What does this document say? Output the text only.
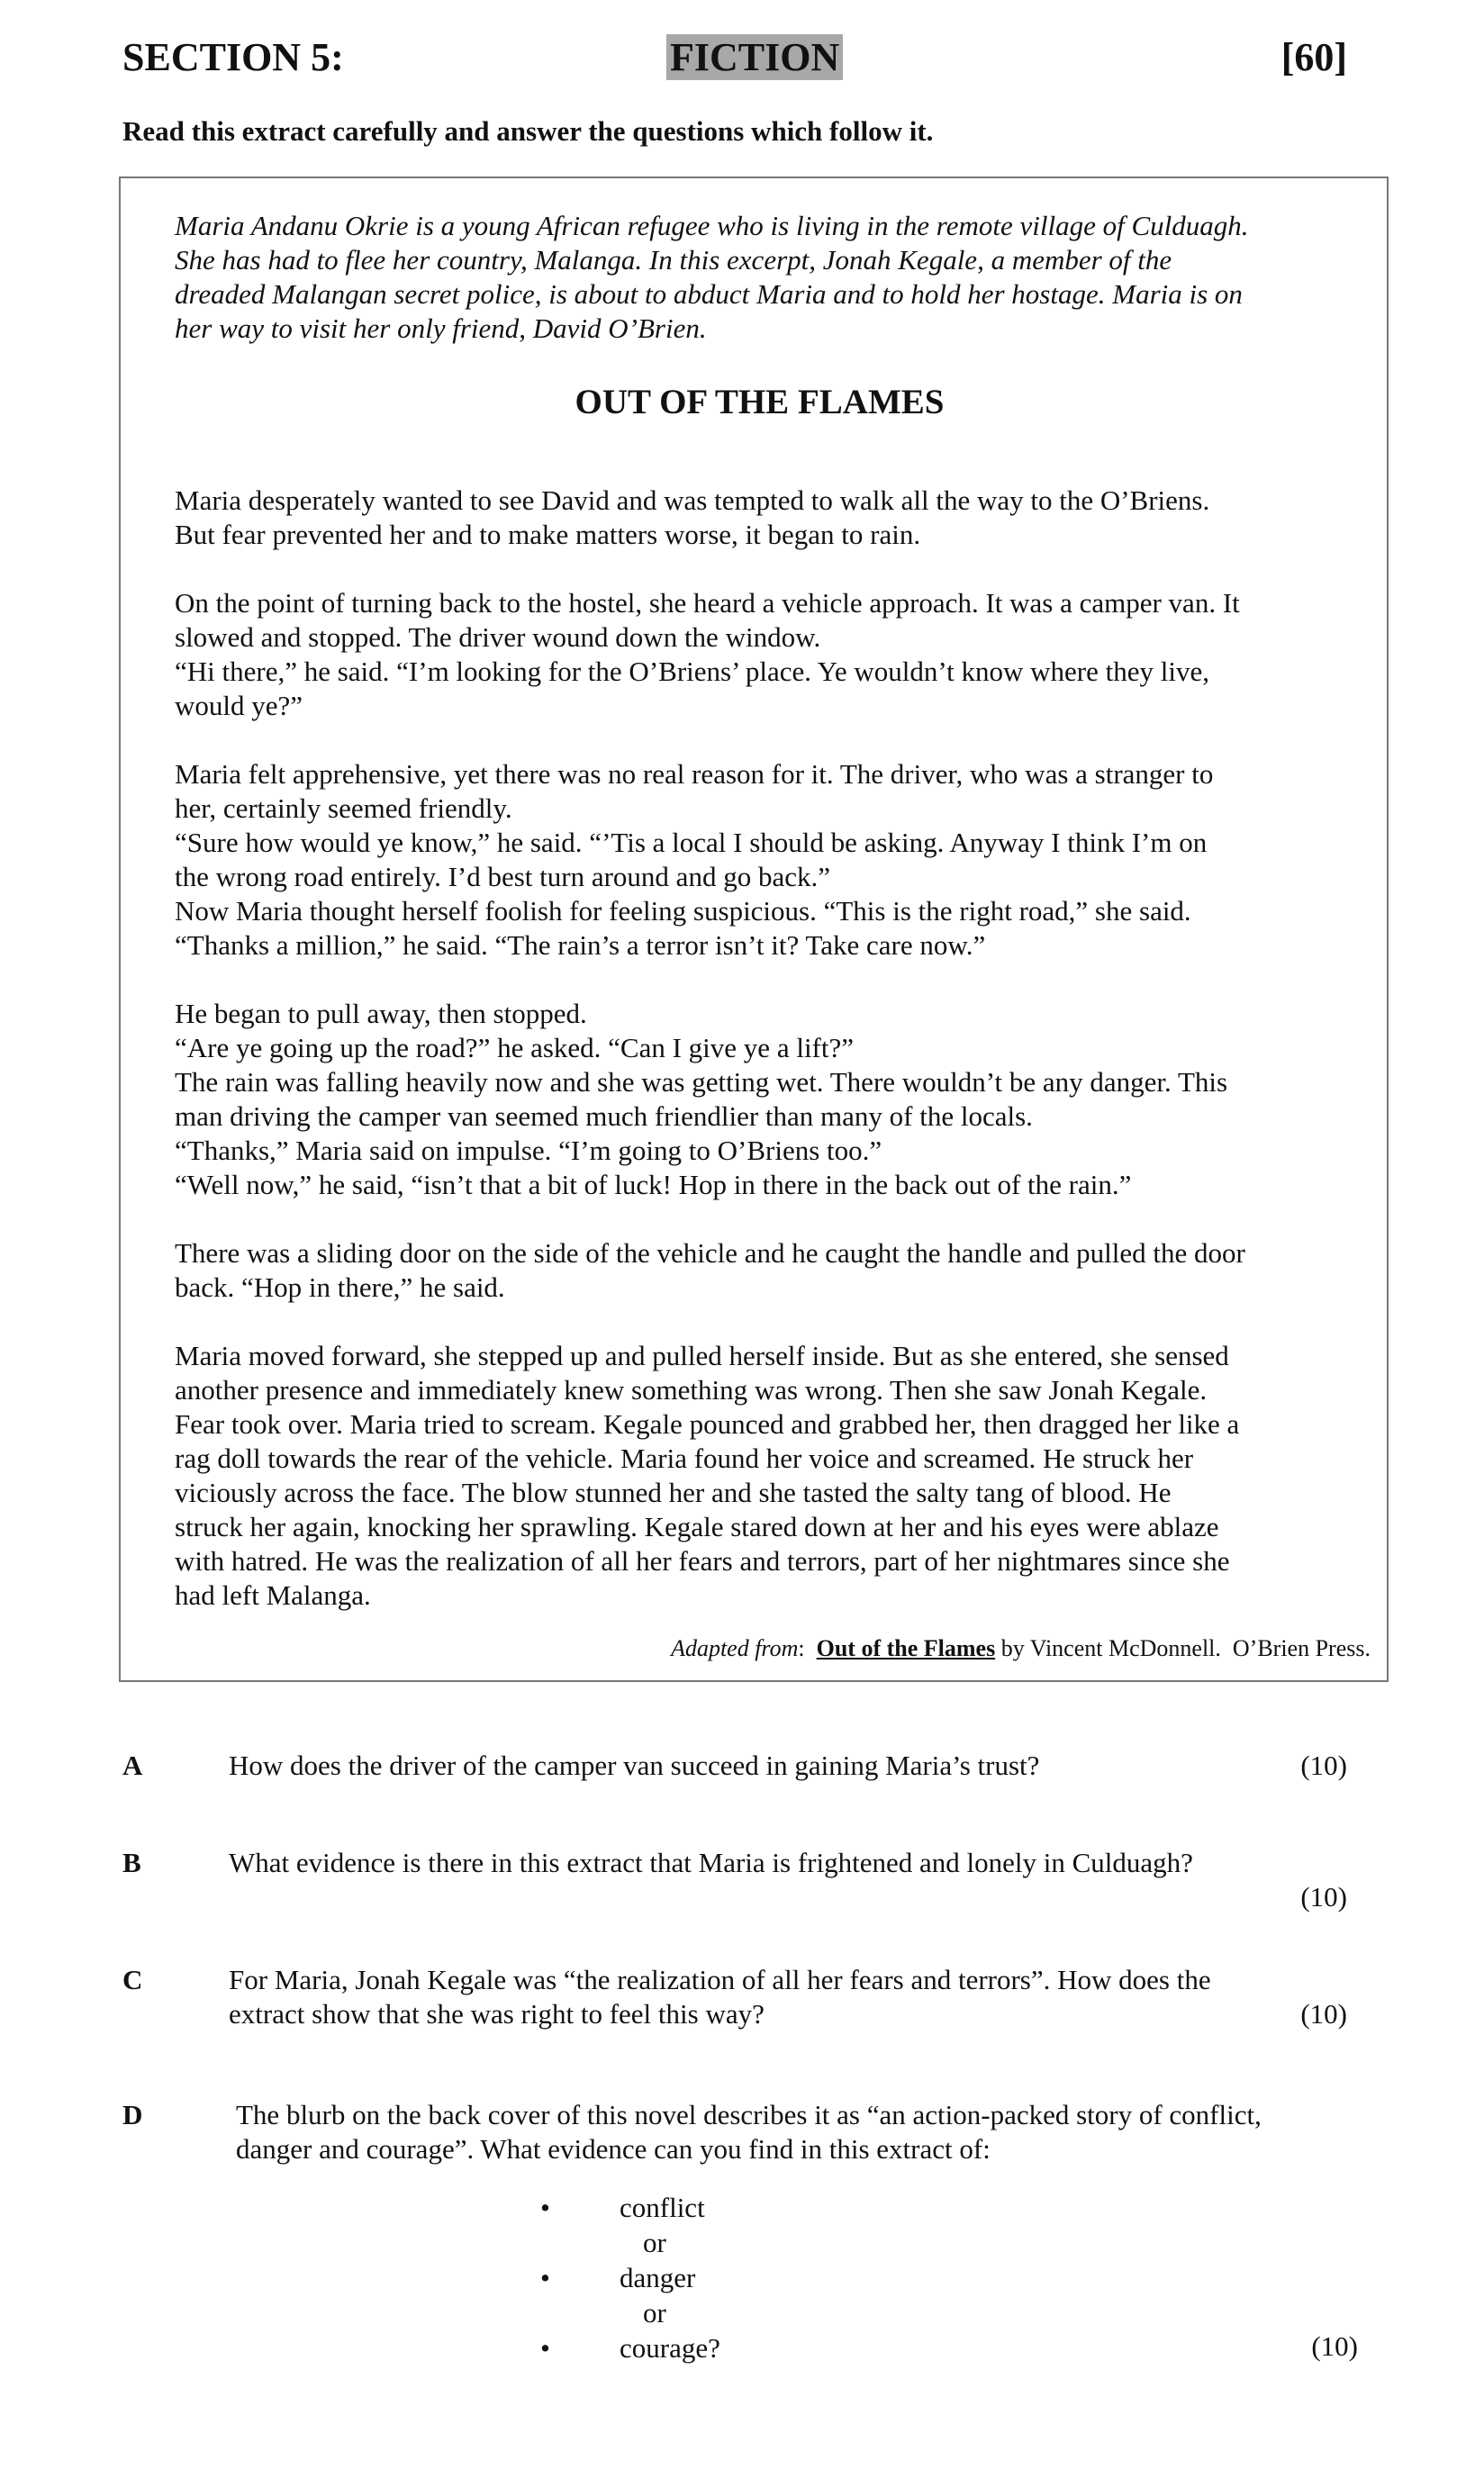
SECTION 5:	FICTION	[60]
Read this extract carefully and answer the questions which follow it.
Maria Andanu Okrie is a young African refugee who is living in the remote village of Culduagh.
She has had to flee her country, Malanga. In this excerpt, Jonah Kegale, a member of the
dreaded Malangan secret police, is about to abduct Maria and to hold her hostage. Maria is on
her way to visit her only friend, David O’Brien.
OUT OF THE FLAMES

Maria desperately wanted to see David and was tempted to walk all the way to the O’Briens.
But fear prevented her and to make matters worse, it began to rain.

On the point of turning back to the hostel, she heard a vehicle approach. It was a camper van. It
slowed and stopped. The driver wound down the window.
“Hi there,” he said. “I’m looking for the O’Briens’ place. Ye wouldn’t know where they live,
would ye?”

Maria felt apprehensive, yet there was no real reason for it. The driver, who was a stranger to
her, certainly seemed friendly.
“Sure how would ye know,” he said. “’Tis a local I should be asking. Anyway I think I’m on
the wrong road entirely. I’d best turn around and go back.”
Now Maria thought herself foolish for feeling suspicious. “This is the right road,” she said.
“Thanks a million,” he said. “The rain’s a terror isn’t it? Take care now.”

He began to pull away, then stopped.
“Are ye going up the road?” he asked. “Can I give ye a lift?”
The rain was falling heavily now and she was getting wet. There wouldn’t be any danger. This
man driving the camper van seemed much friendlier than many of the locals.
“Thanks,” Maria said on impulse. “I’m going to O’Briens too.”
“Well now,” he said, “isn’t that a bit of luck! Hop in there in the back out of the rain.”

There was a sliding door on the side of the vehicle and he caught the handle and pulled the door
back. “Hop in there,” he said.

Maria moved forward, she stepped up and pulled herself inside. But as she entered, she sensed
another presence and immediately knew something was wrong. Then she saw Jonah Kegale.
Fear took over. Maria tried to scream. Kegale pounced and grabbed her, then dragged her like a
rag doll towards the rear of the vehicle. Maria found her voice and screamed. He struck her
viciously across the face. The blow stunned her and she tasted the salty tang of blood. He
struck her again, knocking her sprawling. Kegale stared down at her and his eyes were ablaze
with hatred. He was the realization of all her fears and terrors, part of her nightmares since she
had left Malanga.

Adapted from: Out of the Flames by Vincent McDonnell.  O’Brien Press.
A	How does the driver of the camper van succeed in gaining Maria’s trust?	(10)
B	What evidence is there in this extract that Maria is frightened and lonely in Culduagh?
(10)
C	For Maria, Jonah Kegale was “the realization of all her fears and terrors”. How does the
extract show that she was right to feel this way?	(10)
D	The blurb on the back cover of this novel describes it as “an action-packed story of conflict,
danger and courage”. What evidence can you find in this extract of:
• conflict
or
• danger
or
• courage?	(10)
